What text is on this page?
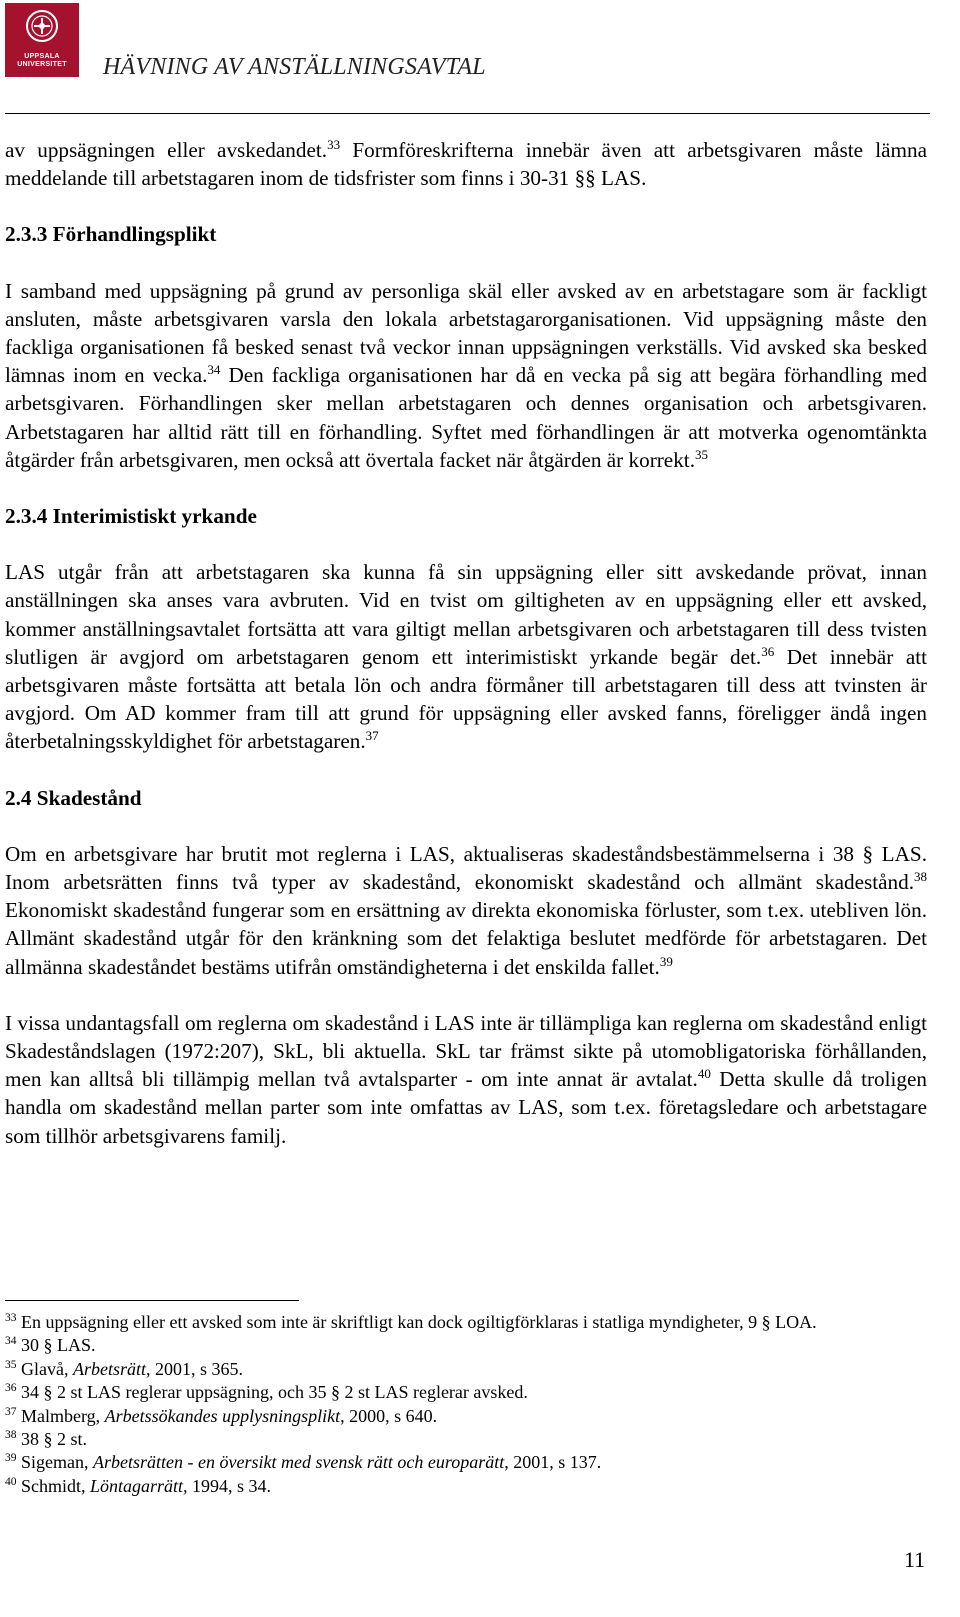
UPPSALA
UNIVERSITET	HÄVNING AV ANSTÄLLNINGSAVTAL

av uppsägningen eller avskedandet.$^{33}$ Formföreskrifterna innebär även att arbetsgivaren måste lämna meddelande till arbetstagaren inom de tidsfrister som finns i 30-31 §§ LAS.

2.3.3 Förhandlingsplikt

I samband med uppsägning på grund av personliga skäl eller avsked av en arbetstagare som är fackligt ansluten, måste arbetsgivaren varsla den lokala arbetstagarorganisationen. Vid uppsägning måste den fackliga organisationen få besked senast två veckor innan uppsägningen verkställs. Vid avsked ska besked lämnas inom en vecka.$^{34}$ Den fackliga organisationen har då en vecka på sig att begära förhandling med arbetsgivaren. Förhandlingen sker mellan arbetstagaren och dennes organisation och arbetsgivaren. Arbetstagaren har alltid rätt till en förhandling. Syftet med förhandlingen är att motverka ogenomtänkta åtgärder från arbetsgivaren, men också att övertala facket när åtgärden är korrekt.$^{35}$

2.3.4 Interimistiskt yrkande

LAS utgår från att arbetstagaren ska kunna få sin uppsägning eller sitt avskedande prövat, innan anställningen ska anses vara avbruten. Vid en tvist om giltigheten av en uppsägning eller ett avsked, kommer anställningsavtalet fortsätta att vara giltigt mellan arbetsgivaren och arbetstagaren till dess tvisten slutligen är avgjord om arbetstagaren genom ett interimistiskt yrkande begär det.$^{36}$ Det innebär att arbetsgivaren måste fortsätta att betala lön och andra förmåner till arbetstagaren till dess att tvinsten är avgjord. Om AD kommer fram till att grund för uppsägning eller avsked fanns, föreligger ändå ingen återbetalningsskyldighet för arbetstagaren.$^{37}$

2.4 Skadestånd

Om en arbetsgivare har brutit mot reglerna i LAS, aktualiseras skadeståndsbestämmelserna i 38 § LAS. Inom arbetsrätten finns två typer av skadestånd, ekonomiskt skadestånd och allmänt skadestånd.$^{38}$ Ekonomiskt skadestånd fungerar som en ersättning av direkta ekonomiska förluster, som t.ex. utebliven lön. Allmänt skadestånd utgår för den kränkning som det felaktiga beslutet medförde för arbetstagaren. Det allmänna skadeståndet bestäms utifrån omständigheterna i det enskilda fallet.$^{39}$

I vissa undantagsfall om reglerna om skadestånd i LAS inte är tillämpliga kan reglerna om skadestånd enligt Skadeståndslagen (1972:207), SkL, bli aktuella. SkL tar främst sikte på utomobligatoriska förhållanden, men kan alltså bli tillämpig mellan två avtalsparter - om inte annat är avtalat.$^{40}$ Detta skulle då troligen handla om skadestånd mellan parter som inte omfattas av LAS, som t.ex. företagsledare och arbetstagare som tillhör arbetsgivarens familj.

$^{33}$ En uppsägning eller ett avsked som inte är skriftligt kan dock ogiltigförklaras i statliga myndigheter, 9 § LOA.
$^{34}$ 30 § LAS.
$^{35}$ Glavå, Arbetsrätt, 2001, s 365.
$^{36}$ 34 § 2 st LAS reglerar uppsägning, och 35 § 2 st LAS reglerar avsked.
$^{37}$ Malmberg, Arbetssökandes upplysningsplikt, 2000, s 640.
$^{38}$ 38 § 2 st.
$^{39}$ Sigeman, Arbetsrätten - en översikt med svensk rätt och europarätt, 2001, s 137.
$^{40}$ Schmidt, Löntagarrätt, 1994, s 34.
11
